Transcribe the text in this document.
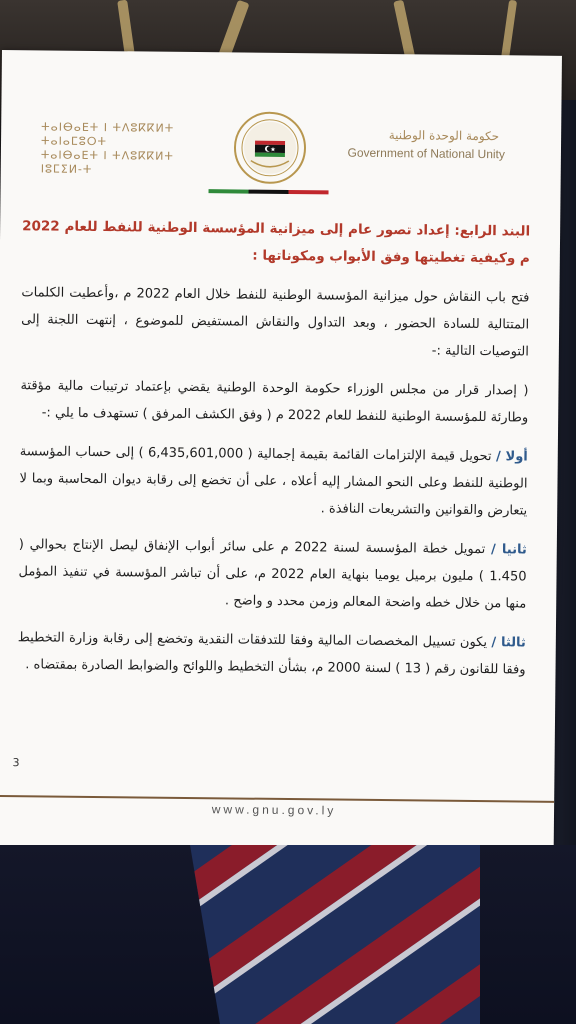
ⵜⴰⵏⴱⴰⴹⵜ ⵏ ⵜⴷⵓⴽⴽⵍⵜ ⵜⴰⵏⴰⵎⵓⵔⵜ
ⵜⴰⵏⴱⴰⴹⵜ ⵏ ⵜⴷⵓⴽⴽⵍⵜ ⵏⵓⵎⵉⵍ-ⵜ
حكومة الوحدة الوطنية
Government of National Unity

البند الرابع: إعداد تصور عام إلى ميزانية المؤسسة الوطنية للنفط للعام 2022 م وكيفية تغطيتها وفق الأبواب ومكوناتها :

فتح باب النقاش حول ميزانية المؤسسة الوطنية للنفط خلال العام 2022 م ،وأعطيت الكلمات المتتالية للسادة الحضور ، وبعد التداول والنقاش المستفيض للموضوع ، إنتهت اللجنة إلى التوصيات التالية :-

( إصدار قرار من مجلس الوزراء حكومة الوحدة الوطنية يقضي بإعتماد ترتيبات مالية مؤقتة وطارئة للمؤسسة الوطنية للنفط للعام 2022 م ( وفق الكشف المرفق ) تستهدف ما يلي :-

أولا / تحويل قيمة الإلتزامات القائمة بقيمة إجمالية ( 6,435,601,000 ) إلى حساب المؤسسة الوطنية للنفط وعلى النحو المشار إليه أعلاه ، على أن تخضع إلى رقابة ديوان المحاسبة وبما لا يتعارض والقوانين والتشريعات النافذة .

ثانيا / تمويل خطة المؤسسة لسنة 2022 م على سائر أبواب الإنفاق ليصل الإنتاج بحوالي ( 1.450 ) مليون برميل يوميا بنهاية العام 2022 م، على أن تباشر المؤسسة في تنفيذ المؤمل منها من خلال خطه واضحة المعالم وزمن محدد و واضح .

ثالثا / يكون تسييل المخصصات المالية وفقا للتدفقات النقدية وتخضع إلى رقابة وزارة التخطيط وفقا للقانون رقم ( 13 ) لسنة 2000 م، بشأن التخطيط واللوائح والضوابط الصادرة بمقتضاه .

3
www.gnu.gov.ly
